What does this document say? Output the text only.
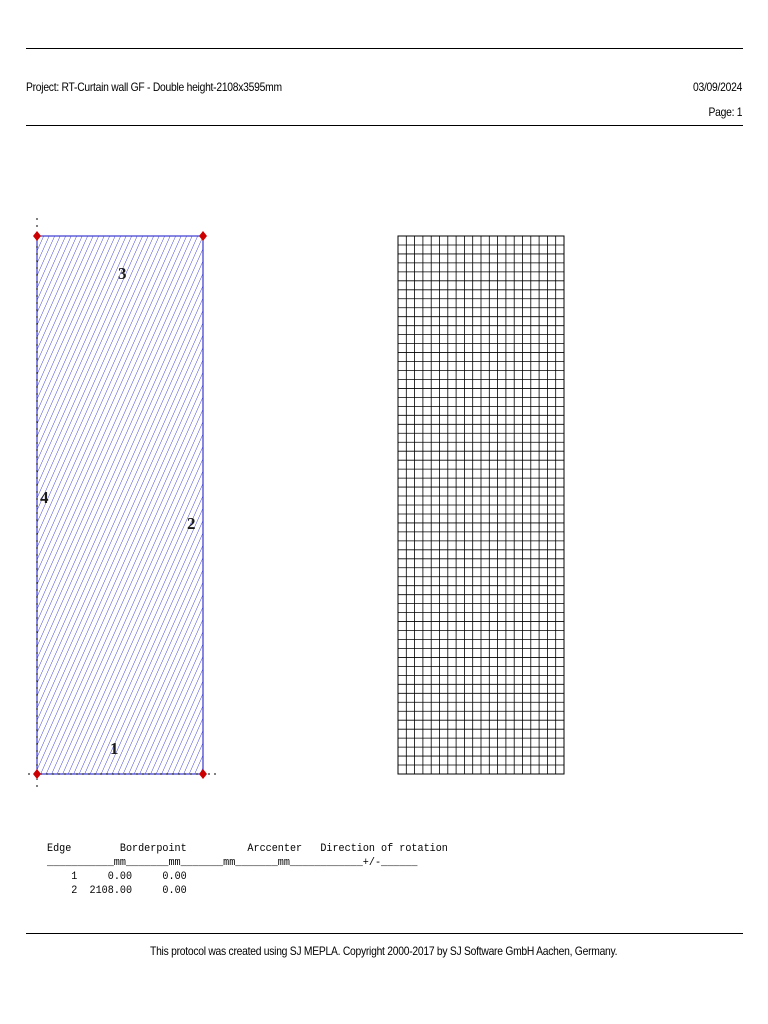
Project: RT-Curtain wall GF - Double height-2108x3595mm	03/09/2024
Page: 1
1
2
3
4
Edge	Borderpoint	Arccenter Direction of rotation
___________mm_______mm_______mm_______mm____________+/-______
1	0.00	0.00
2 2108.00	0.00
This protocol was created using SJ MEPLA. Copyright 2000-2017 by SJ Software GmbH Aachen, Germany.
